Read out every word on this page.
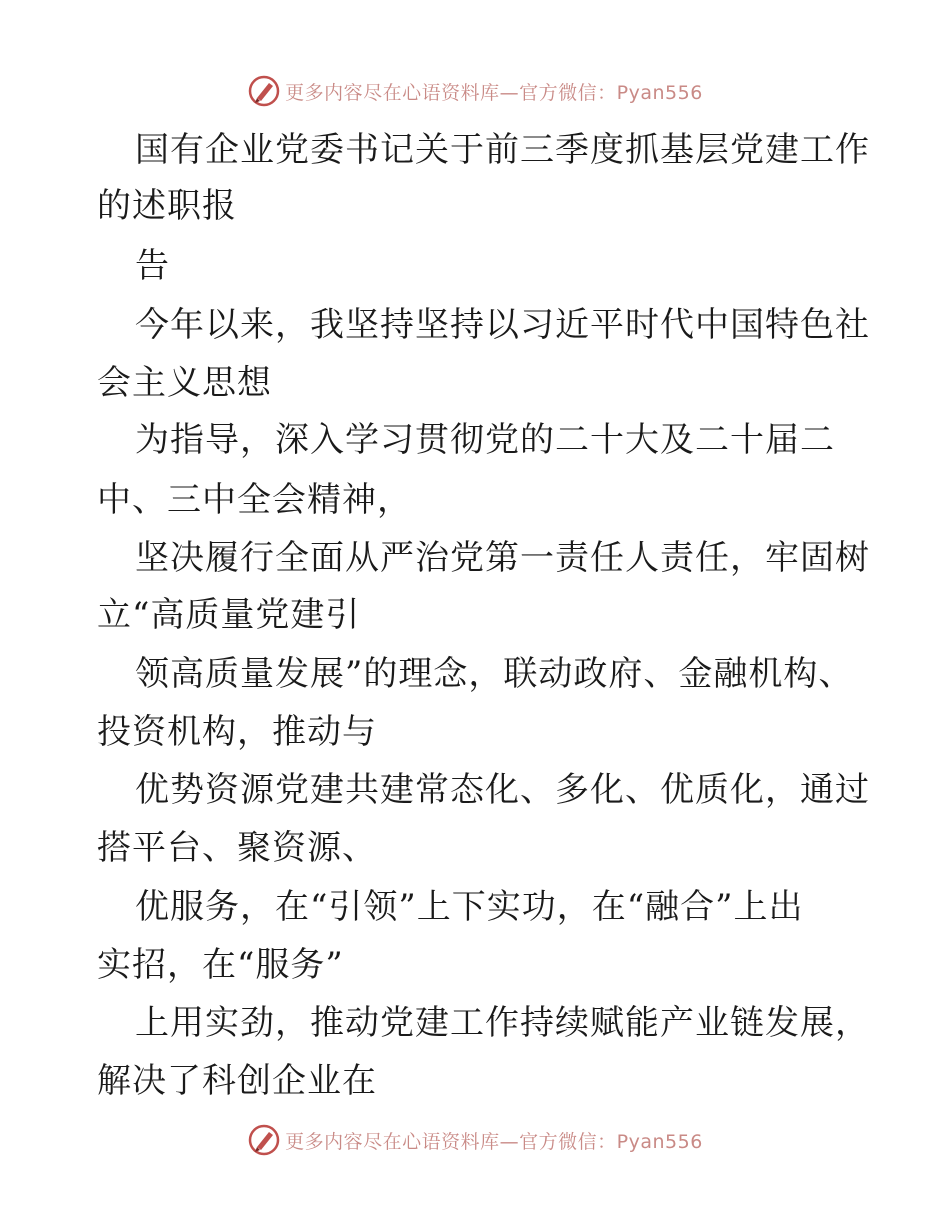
更多内容尽在心语资料库—官方微信：Pyan556
国有企业党委书记关于前三季度抓基层党建工作
的述职报
告
今年以来，我坚持坚持以习近平时代中国特色社
会主义思想
为指导，深入学习贯彻党的二十大及二十届二
中、三中全会精神，
坚决履行全面从严治党第一责任人责任，牢固树
立“高质量党建引
领高质量发展”的理念，联动政府、金融机构、
投资机构，推动与
优势资源党建共建常态化、多化、优质化，通过
搭平台、聚资源、
优服务，在“引领”上下实功，在“融合”上出
实招，在“服务”
上用实劲，推动党建工作持续赋能产业链发展，
解决了科创企业在
更多内容尽在心语资料库—官方微信：Pyan556
